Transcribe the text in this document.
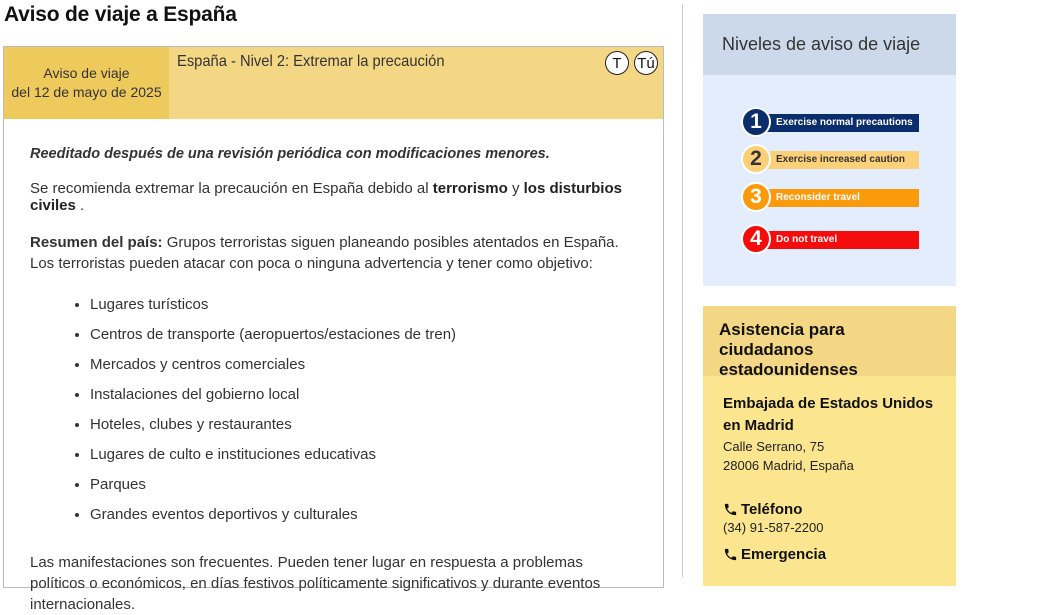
Aviso de viaje a España
Aviso de viaje
del 12 de mayo de 2025
España - Nivel 2: Extremar la precaución	T	Tú

Reeditado después de una revisión periódica con modificaciones menores.

Se recomienda extremar la precaución en España debido al terrorismo y los disturbios civiles .

Resumen del país: Grupos terroristas siguen planeando posibles atentados en España. Los terroristas pueden atacar con poca o ninguna advertencia y tener como objetivo:

• Lugares turísticos
• Centros de transporte (aeropuertos/estaciones de tren)
• Mercados y centros comerciales
• Instalaciones del gobierno local
• Hoteles, clubes y restaurantes
• Lugares de culto e instituciones educativas
• Parques
• Grandes eventos deportivos y culturales

Las manifestaciones son frecuentes. Pueden tener lugar en respuesta a problemas políticos o económicos, en días festivos políticamente significativos y durante eventos internacionales.

Niveles de aviso de viaje
Exercise normal precautions
1
Exercise increased caution
2
Reconsider travel
3
Do not travel
4
Asistencia para ciudadanos estadounidenses
Embajada de Estados Unidos en Madrid
Calle Serrano, 75
28006 Madrid, España
Teléfono
(34) 91-587-2200
Emergencia
